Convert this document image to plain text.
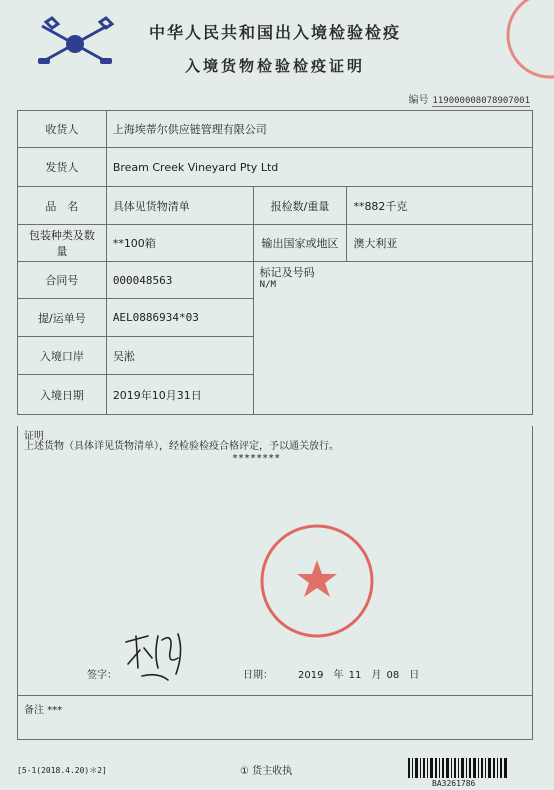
中华人民共和国出入境检验检疫
入境货物检验检疫证明
编号 119000008078907001
收货人	上海埃蒂尔供应链管理有限公司		
发货人	Bream Creek Vineyard Pty Ltd		
品　名	具体见货物清单	报检数/重量	**882千克
包装种类及数量	**100箱	输出国家或地区	澳大利亚
合同号	000048563	标记及号码
N/M	

提/运单号	AEL0886934*03		
入境口岸	吴淞		
入境日期	2019年10月31日		
证明
上述货物（具体详见货物清单），经检验检疫合格评定，予以通关放行。
********
签字：	日期：	2019　年 11　月 08　日
备注 ***
[5-1(2018.4.20)＊2]	① 货主收执
BA3261786
